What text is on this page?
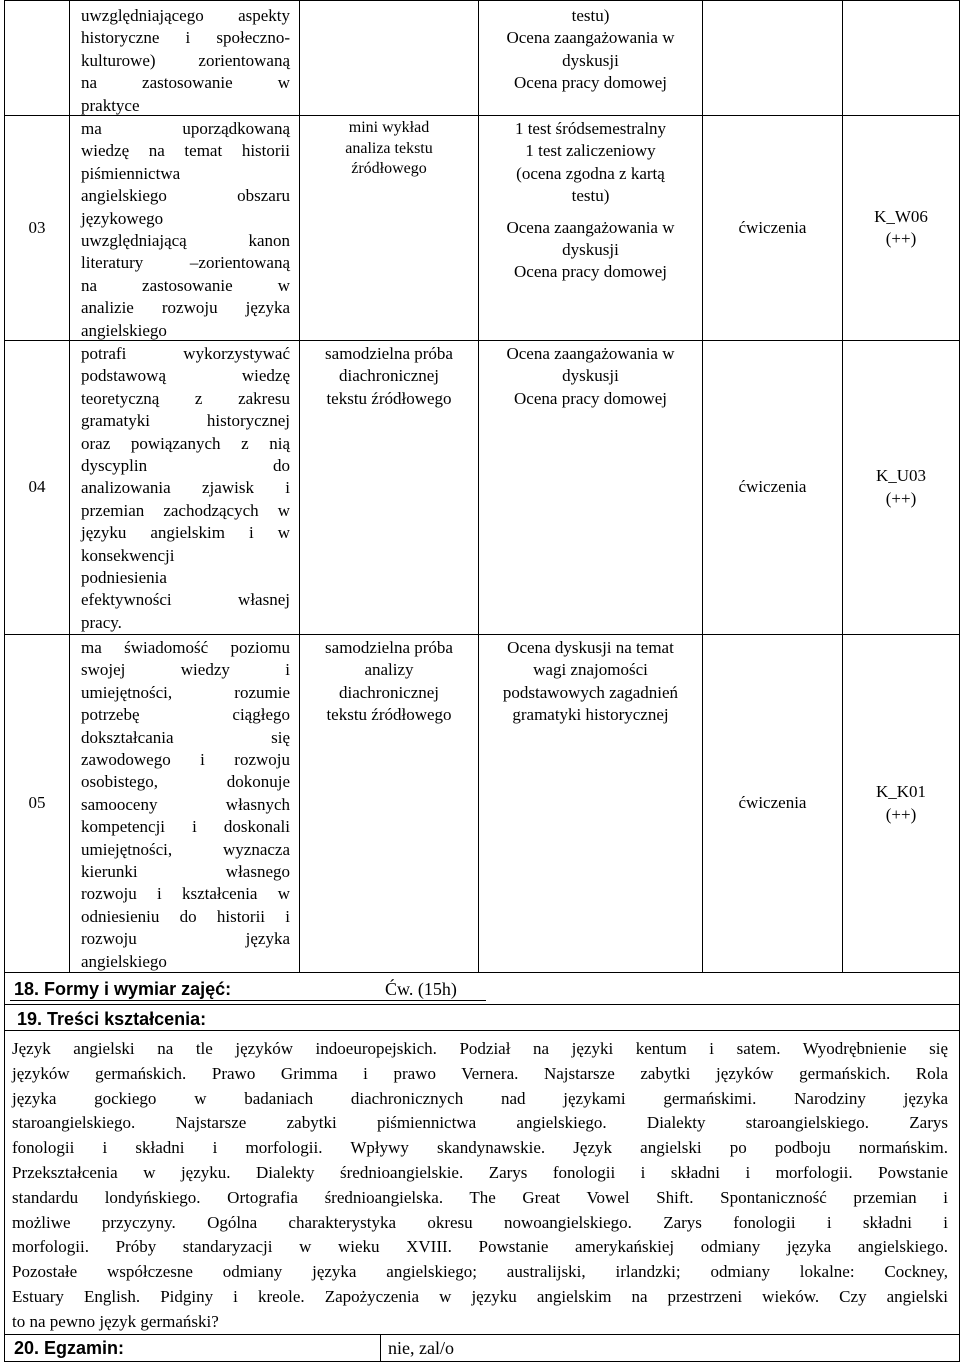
uwzględniającego aspekty
historyczne i społeczno-
kulturowe) zorientowaną
na zastosowanie w
praktyce
testu)
Ocena zaangażowania w
dyskusji
Ocena pracy domowej
03
ma uporządkowaną
wiedzę na temat historii
piśmiennictwa
angielskiego obszaru
językowego
uwzględniającą kanon
literatury –zorientowaną
na zastosowanie w
analizie rozwoju języka
angielskiego
mini wykład
analiza tekstu
źródłowego
1 test śródsemestralny
1 test zaliczeniowy
(ocena zgodna z kartą
testu)
Ocena zaangażowania w
dyskusji
Ocena pracy domowej
ćwiczenia
K_W06
(++)
04
potrafi wykorzystywać
podstawową wiedzę
teoretyczną z zakresu
gramatyki historycznej
oraz powiązanych z nią
dyscyplin do
analizowania zjawisk i
przemian zachodzących w
języku angielskim i w
konsekwencji
podniesienia
efektywności własnej
pracy.
samodzielna próba
diachronicznej
tekstu źródłowego
Ocena zaangażowania w
dyskusji
Ocena pracy domowej
ćwiczenia
K_U03
(++)
05
ma świadomość poziomu
swojej wiedzy i
umiejętności, rozumie
potrzebę ciągłego
dokształcania się
zawodowego i rozwoju
osobistego, dokonuje
samooceny własnych
kompetencji i doskonali
umiejętności, wyznacza
kierunki własnego
rozwoju i kształcenia w
odniesieniu do historii i
rozwoju języka
angielskiego
samodzielna próba
analizy
diachronicznej
tekstu źródłowego
Ocena dyskusji na temat
wagi znajomości
podstawowych zagadnień
gramatyki historycznej
ćwiczenia
K_K01
(++)
18. Formy i wymiar zajęć:	Ćw. (15h)
19. Treści kształcenia:
Język angielski na tle języków indoeuropejskich. Podział na języki kentum i satem. Wyodrębnienie się
języków germańskich. Prawo Grimma i prawo Vernera. Najstarsze zabytki języków germańskich. Rola
języka gockiego w badaniach diachronicznych nad językami germańskimi. Narodziny języka
staroangielskiego. Najstarsze zabytki piśmiennictwa angielskiego. Dialekty staroangielskiego. Zarys
fonologii i składni i morfologii. Wpływy skandynawskie. Język angielski po podboju normańskim.
Przekształcenia w języku. Dialekty średnioangielskie. Zarys fonologii i składni i morfologii. Powstanie
standardu londyńskiego. Ortografia średnioangielska. The Great Vowel Shift. Spontaniczność przemian i
możliwe przyczyny. Ogólna charakterystyka okresu nowoangielskiego. Zarys fonologii i składni i
morfologii. Próby standaryzacji w wieku XVIII. Powstanie amerykańskiej odmiany języka angielskiego.
Pozostałe współczesne odmiany języka angielskiego; australijski, irlandzki; odmiany lokalne: Cockney,
Estuary English. Pidginy i kreole. Zapożyczenia w języku angielskim na przestrzeni wieków. Czy angielski
to na pewno język germański?
20. Egzamin:	nie, zal/o
